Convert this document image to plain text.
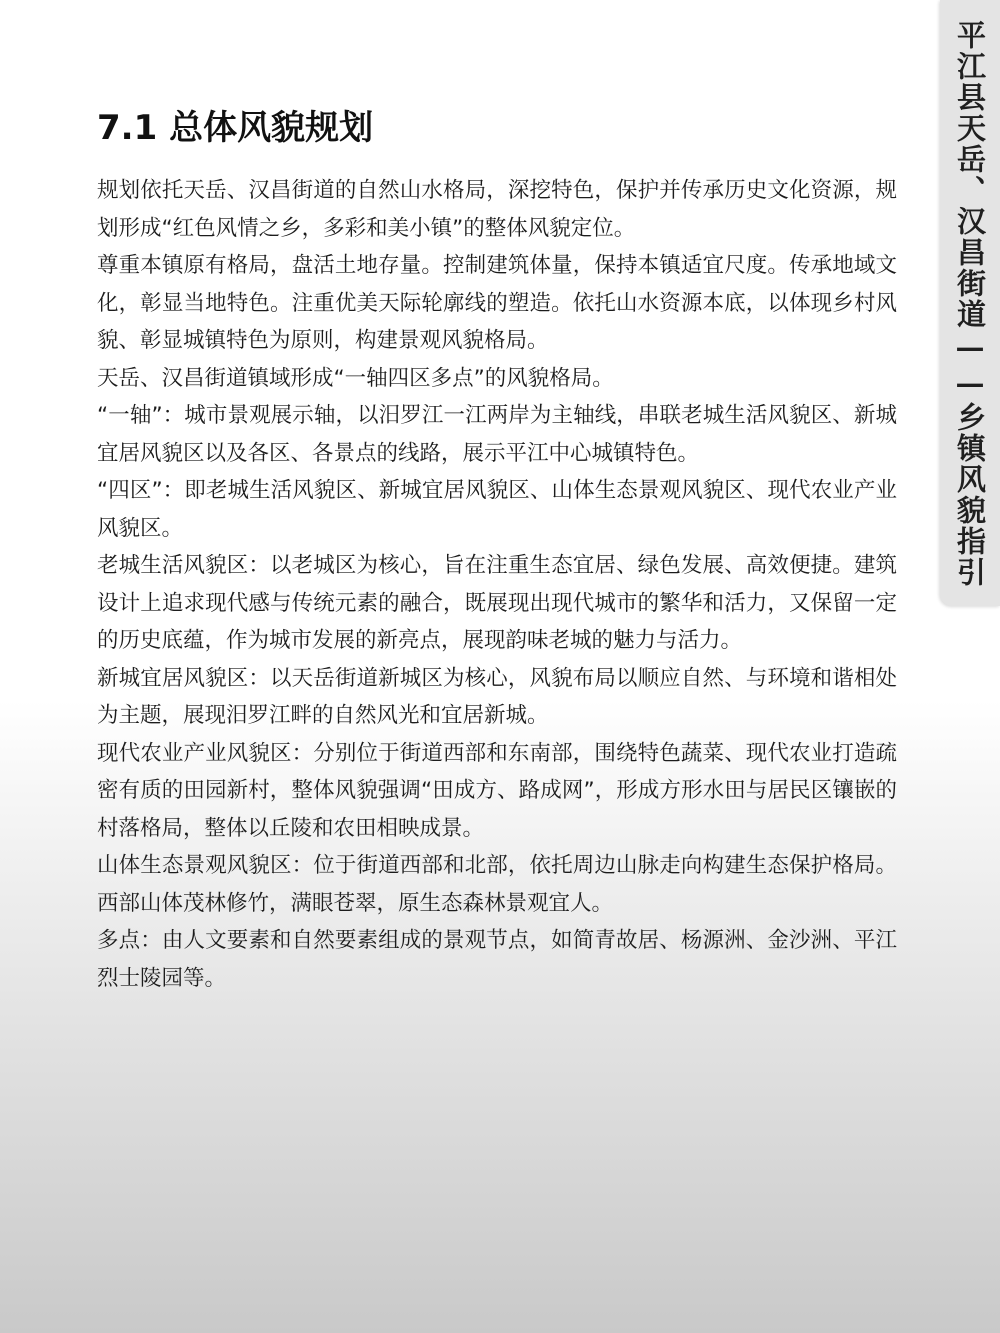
平江县天岳、汉昌街道——乡镇风貌指引
7.1 总体风貌规划

规划依托天岳、汉昌街道的自然山水格局，深挖特色，保护并传承历史文化资源，规划形成“红色风情之乡，多彩和美小镇”的整体风貌定位。

尊重本镇原有格局，盘活土地存量。控制建筑体量，保持本镇适宜尺度。传承地域文化，彰显当地特色。注重优美天际轮廓线的塑造。依托山水资源本底，以体现乡村风貌、彰显城镇特色为原则，构建景观风貌格局。

天岳、汉昌街道镇域形成“一轴四区多点”的风貌格局。

“一轴”：城市景观展示轴，以汨罗江一江两岸为主轴线，串联老城生活风貌区、新城宜居风貌区以及各区、各景点的线路，展示平江中心城镇特色。

“四区”：即老城生活风貌区、新城宜居风貌区、山体生态景观风貌区、现代农业产业风貌区。

老城生活风貌区：以老城区为核心，旨在注重生态宜居、绿色发展、高效便捷。建筑设计上追求现代感与传统元素的融合，既展现出现代城市的繁华和活力，又保留一定的历史底蕴，作为城市发展的新亮点，展现韵味老城的魅力与活力。

新城宜居风貌区：以天岳街道新城区为核心，风貌布局以顺应自然、与环境和谐相处为主题，展现汨罗江畔的自然风光和宜居新城。

现代农业产业风貌区：分别位于街道西部和东南部，围绕特色蔬菜、现代农业打造疏密有质的田园新村，整体风貌强调“田成方、路成网”，形成方形水田与居民区镶嵌的村落格局，整体以丘陵和农田相映成景。

山体生态景观风貌区：位于街道西部和北部，依托周边山脉走向构建生态保护格局。西部山体茂林修竹，满眼苍翠，原生态森林景观宜人。

多点：由人文要素和自然要素组成的景观节点，如简青故居、杨源洲、金沙洲、平江烈士陵园等。
